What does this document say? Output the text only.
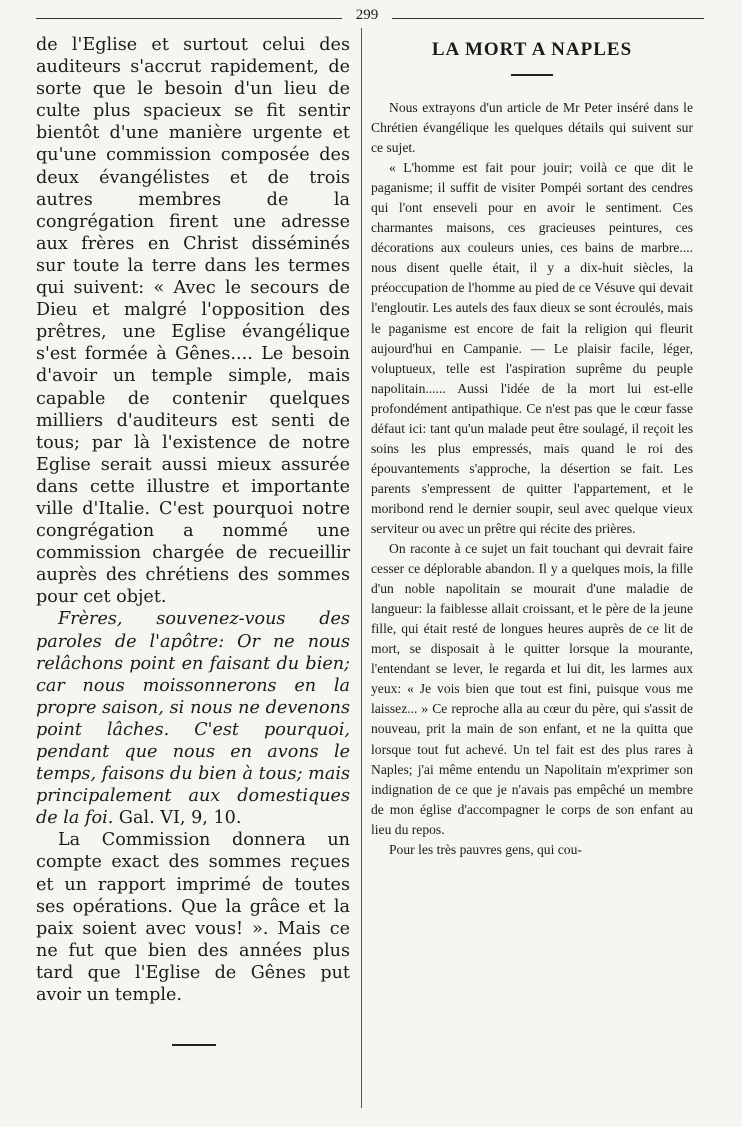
299

de l'Eglise et surtout celui des auditeurs s'accrut rapidement, de sorte que le besoin d'un lieu de culte plus spacieux se fit sentir bientôt d'une manière urgente et qu'une commission composée des deux évangélistes et de trois autres membres de la congrégation firent une adresse aux frères en Christ disséminés sur toute la terre dans les termes qui suivent: « Avec le secours de Dieu et malgré l'opposition des prêtres, une Eglise évangélique s'est formée à Gênes.... Le besoin d'avoir un temple simple, mais capable de contenir quelques milliers d'auditeurs est senti de tous; par là l'existence de notre Eglise serait aussi mieux assurée dans cette illustre et importante ville d'Italie. C'est pourquoi notre congrégation a nommé une commission chargée de recueillir auprès des chrétiens des sommes pour cet objet.

Frères, souvenez-vous des paroles de l'apôtre: Or ne nous relâchons point en faisant du bien; car nous moissonnerons en la propre saison, si nous ne devenons point lâches. C'est pourquoi, pendant que nous en avons le temps, faisons du bien à tous; mais principalement aux domestiques de la foi. Gal. VI, 9, 10.

La Commission donnera un compte exact des sommes reçues et un rapport imprimé de toutes ses opérations. Que la grâce et la paix soient avec vous! ». Mais ce ne fut que bien des années plus tard que l'Eglise de Gênes put avoir un temple.

LA MORT A NAPLES

Nous extrayons d'un article de Mr Peter inséré dans le Chrétien évangélique les quelques détails qui suivent sur ce sujet.

« L'homme est fait pour jouir; voilà ce que dit le paganisme; il suffit de visiter Pompéi sortant des cendres qui l'ont enseveli pour en avoir le sentiment. Ces charmantes maisons, ces gracieuses peintures, ces décorations aux couleurs unies, ces bains de marbre.... nous disent quelle était, il y a dix-huit siècles, la préoccupation de l'homme au pied de ce Vésuve qui devait l'engloutir. Les autels des faux dieux se sont écroulés, mais le paganisme est encore de fait la religion qui fleurit aujourd'hui en Campanie. — Le plaisir facile, léger, voluptueux, telle est l'aspiration suprême du peuple napolitain...... Aussi l'idée de la mort lui est-elle profondément antipathique. Ce n'est pas que le cœur fasse défaut ici: tant qu'un malade peut être soulagé, il reçoit les soins les plus empressés, mais quand le roi des épouvantements s'approche, la désertion se fait. Les parents s'empressent de quitter l'appartement, et le moribond rend le dernier soupir, seul avec quelque vieux serviteur ou avec un prêtre qui récite des prières.

On raconte à ce sujet un fait touchant qui devrait faire cesser ce déplorable abandon. Il y a quelques mois, la fille d'un noble napolitain se mourait d'une maladie de langueur: la faiblesse allait croissant, et le père de la jeune fille, qui était resté de longues heures auprès de ce lit de mort, se disposait à le quitter lorsque la mourante, l'entendant se lever, le regarda et lui dit, les larmes aux yeux: « Je vois bien que tout est fini, puisque vous me laissez... » Ce reproche alla au cœur du père, qui s'assit de nouveau, prit la main de son enfant, et ne la quitta que lorsque tout fut achevé. Un tel fait est des plus rares à Naples; j'ai même entendu un Napolitain m'exprimer son indignation de ce que je n'avais pas empêché un membre de mon église d'accompagner le corps de son enfant au lieu du repos.

Pour les très pauvres gens, qui cou-
